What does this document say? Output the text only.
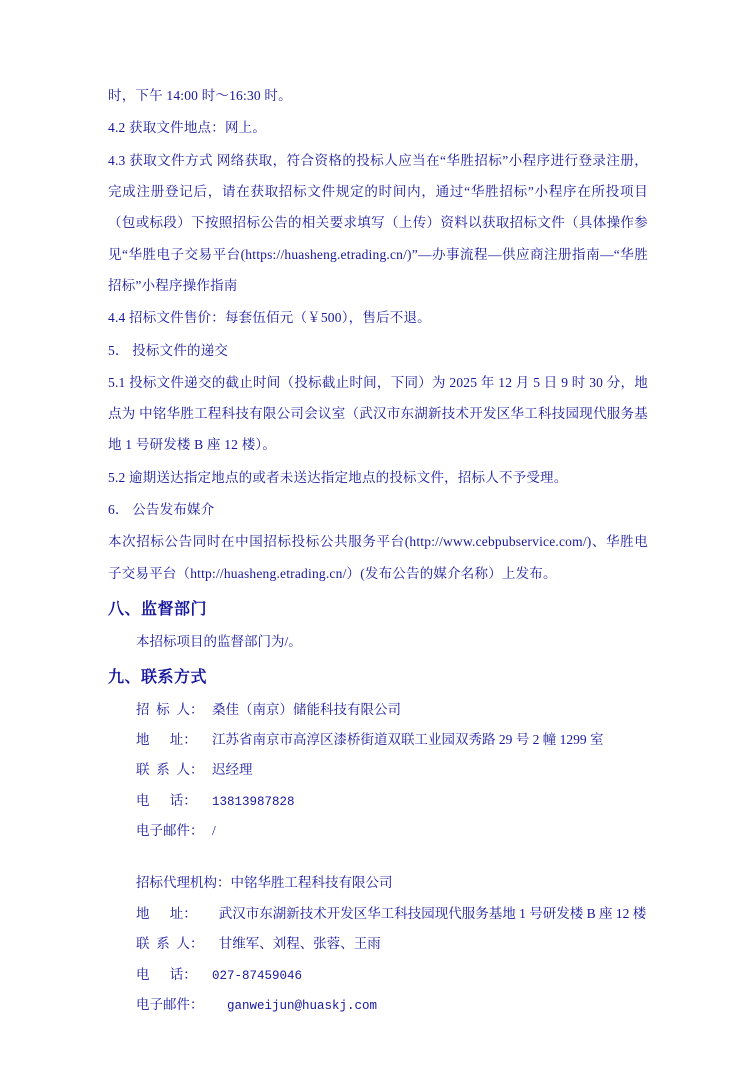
时，下午 14:00 时～16:30 时。

4.2 获取文件地点：网上。

4.3 获取文件方式 网络获取，符合资格的投标人应当在“华胜招标”小程序进行登录注册，完成注册登记后，请在获取招标文件规定的时间内，通过“华胜招标”小程序在所投项目（包或标段）下按照招标公告的相关要求填写（上传）资料以获取招标文件（具体操作参见“华胜电子交易平台(https://huasheng.etrading.cn/)”—办事流程—供应商注册指南—“华胜招标”小程序操作指南

4.4 招标文件售价：每套伍佰元（￥500），售后不退。

5． 投标文件的递交

5.1 投标文件递交的截止时间（投标截止时间，下同）为 2025 年 12 月 5 日 9 时 30 分，地点为 中铭华胜工程科技有限公司会议室（武汉市东湖新技术开发区华工科技园现代服务基地 1 号研发楼 B 座 12 楼）。

5.2 逾期送达指定地点的或者未送达指定地点的投标文件，招标人不予受理。

6． 公告发布媒介

本次招标公告同时在中国招标投标公共服务平台(http://www.cebpubservice.com/)、华胜电子交易平台（http://huasheng.etrading.cn/）(发布公告的媒介名称）上发布。

八、监督部门

本招标项目的监督部门为/。

九、联系方式
招  标  人： 桑佳（南京）储能科技有限公司
地      址： 江苏省南京市高淳区漆桥街道双联工业园双秀路 29 号 2 幢 1299 室
联  系  人： 迟经理
电      话： 13813987828
电子邮件： /
招标代理机构：中铭华胜工程科技有限公司
地      址：  武汉市东湖新技术开发区华工科技园现代服务基地 1 号研发楼 B 座 12 楼
联  系  人：  甘维军、刘程、张蓉、王雨
电      话： 027-87459046
电子邮件：  ganweijun@huaskj.com
